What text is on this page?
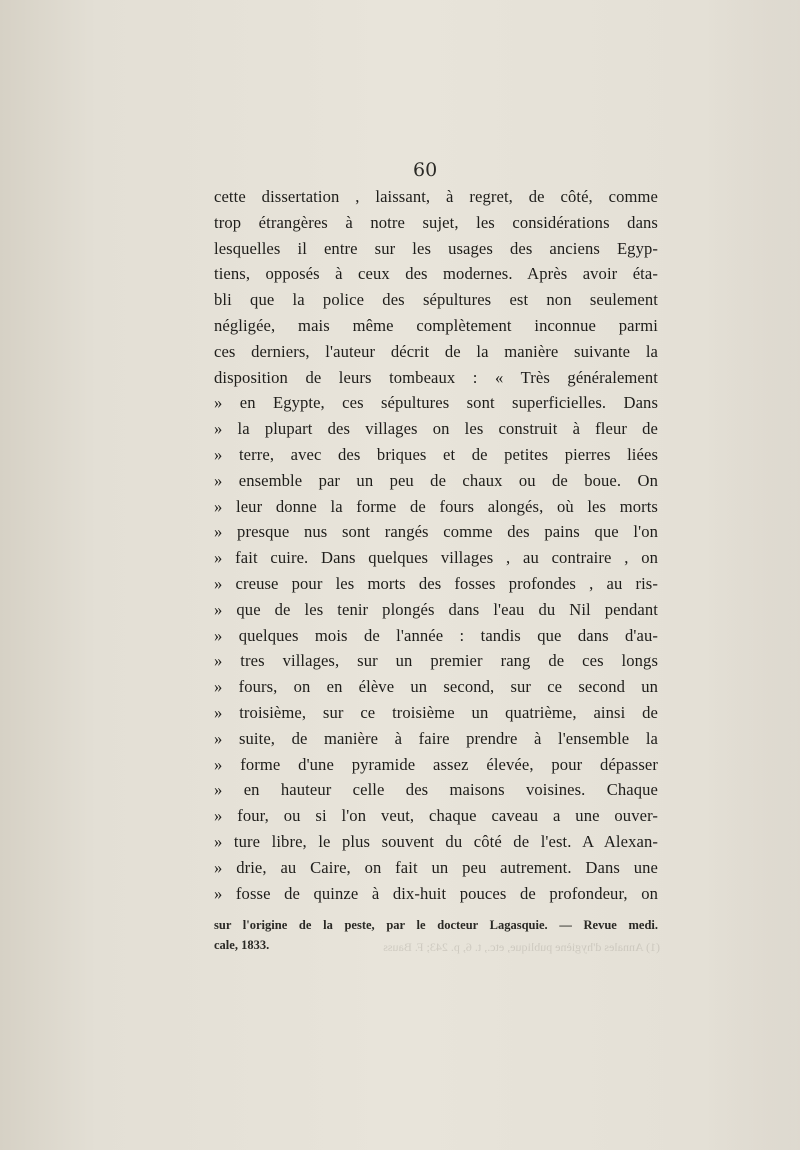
60
cette dissertation , laissant, à regret, de côté, comme
trop étrangères à notre sujet, les considérations dans
lesquelles il entre sur les usages des anciens Egyp-
tiens, opposés à ceux des modernes. Après avoir éta-
bli que la police des sépultures est non seulement
négligée, mais même complètement inconnue parmi
ces derniers, l'auteur décrit de la manière suivante la
disposition de leurs tombeaux : « Très généralement
» en Egypte, ces sépultures sont superficielles. Dans
» la plupart des villages on les construit à fleur de
» terre, avec des briques et de petites pierres liées
» ensemble par un peu de chaux ou de boue. On
» leur donne la forme de fours alongés, où les morts
» presque nus sont rangés comme des pains que l'on
» fait cuire. Dans quelques villages , au contraire , on
» creuse pour les morts des fosses profondes , au ris-
» que de les tenir plongés dans l'eau du Nil pendant
» quelques mois de l'année : tandis que dans d'au-
» tres villages, sur un premier rang de ces longs
» fours, on en élève un second, sur ce second un
» troisième, sur ce troisième un quatrième, ainsi de
» suite, de manière à faire prendre à l'ensemble la
» forme d'une pyramide assez élevée, pour dépasser
» en hauteur celle des maisons voisines. Chaque
» four, ou si l'on veut, chaque caveau a une ouver-
» ture libre, le plus souvent du côté de l'est. A Alexan-
» drie, au Caire, on fait un peu autrement. Dans une
» fosse de quinze à dix-huit pouces de profondeur, on
(1) Annales d'hygiène publique, etc., t. 6, p. 243; F. Bauss
sur l'origine de la peste, par le docteur Lagasquie. — Revue medi.
cale, 1833.
